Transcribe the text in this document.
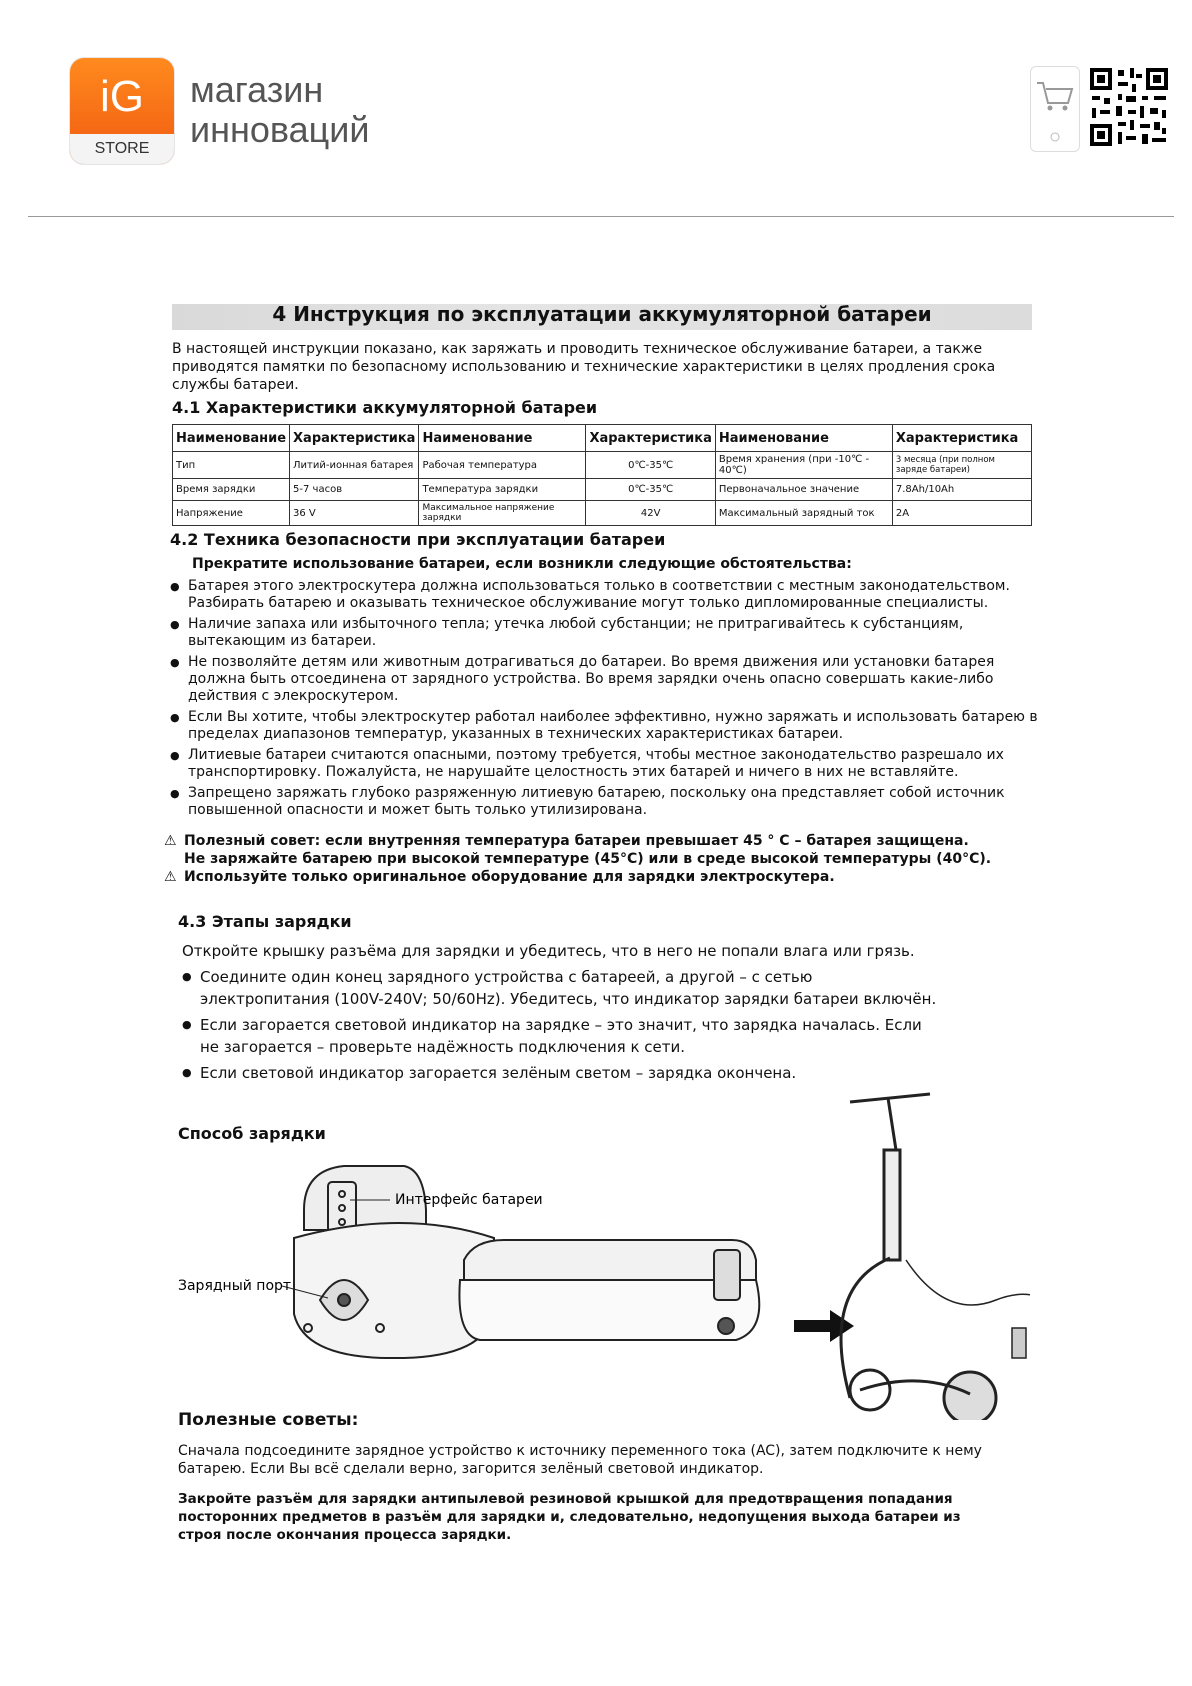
iG
STORE
магазин
инноваций
4 Инструкция по эксплуатации аккумуляторной батареи
В настоящей инструкции показано, как заряжать и проводить техническое обслуживание батареи, а также приводятся памятки по безопасному использованию и технические характеристики в целях продления срока службы батареи.
4.1 Характеристики аккумуляторной батареи
Наименование	Характеристика	Наименование	Характеристика	Наименование	Характеристика
Тип	Литий-ионная батарея	Рабочая температура	0℃-35℃	Время хранения (при -10℃ - 40℃)	3 месяца (при полном заряде батареи)
Время зарядки	5-7 часов	Температура зарядки	0℃-35℃	Первоначальное значение	7.8Ah/10Ah
Напряжение	36 V	Максимальное напряжение зарядки	42V	Максимальный зарядный ток	2A
4.2 Техника безопасности при эксплуатации батареи
Прекратите использование батареи, если возникли следующие обстоятельства:
● Батарея этого электроскутера должна использоваться только в соответствии с местным законодательством. Разбирать батарею и оказывать техническое обслуживание могут только дипломированные специалисты.
● Наличие запаха или избыточного тепла; утечка любой субстанции; не притрагивайтесь к субстанциям, вытекающим из батареи.
● Не позволяйте детям или животным дотрагиваться до батареи. Во время движения или установки батарея должна быть отсоединена от зарядного устройства. Во время зарядки очень опасно совершать какие-либо действия с элекроскутером.
● Если Вы хотите, чтобы электроскутер работал наиболее эффективно, нужно заряжать и использовать батарею в пределах диапазонов температур, указанных в технических характеристиках батареи.
● Литиевые батареи считаются опасными, поэтому требуется, чтобы местное законодательство разрешало их транспортировку. Пожалуйста, не нарушайте целостность этих батарей и ничего в них не вставляйте.
● Запрещено заряжать глубоко разряженную литиевую батарею, поскольку она представляет собой источник повышенной опасности и может быть только утилизирована.
⚠ Полезный совет: если внутренняя температура батареи превышает 45 ° С – батарея защищена.
Не заряжайте батарею при высокой температуре (45°С) или в среде высокой температуры (40°С).
⚠ Используйте только оригинальное оборудование для зарядки электроскутера.
4.3 Этапы зарядки
Откройте крышку разъёма для зарядки и убедитесь, что в него не попали влага или грязь.
● Соедините один конец зарядного устройства с батареей, а другой – с сетью электропитания (100V-240V; 50/60Hz). Убедитесь, что индикатор зарядки батареи включён.
● Если загорается световой индикатор на зарядке – это значит, что зарядка началась. Если не загорается – проверьте надёжность подключения к сети.
● Если световой индикатор загорается зелёным светом – зарядка окончена.
Способ зарядки
Интерфейс батареи
Зарядный порт
Полезные советы:
Сначала подсоедините зарядное устройство к источнику переменного тока (AC), затем подключите к нему батарею. Если Вы всё сделали верно, загорится зелёный световой индикатор.
Закройте разъём для зарядки антипылевой резиновой крышкой для предотвращения попадания посторонних предметов в разъём для зарядки и, следовательно, недопущения выхода батареи из строя после окончания процесса зарядки.
